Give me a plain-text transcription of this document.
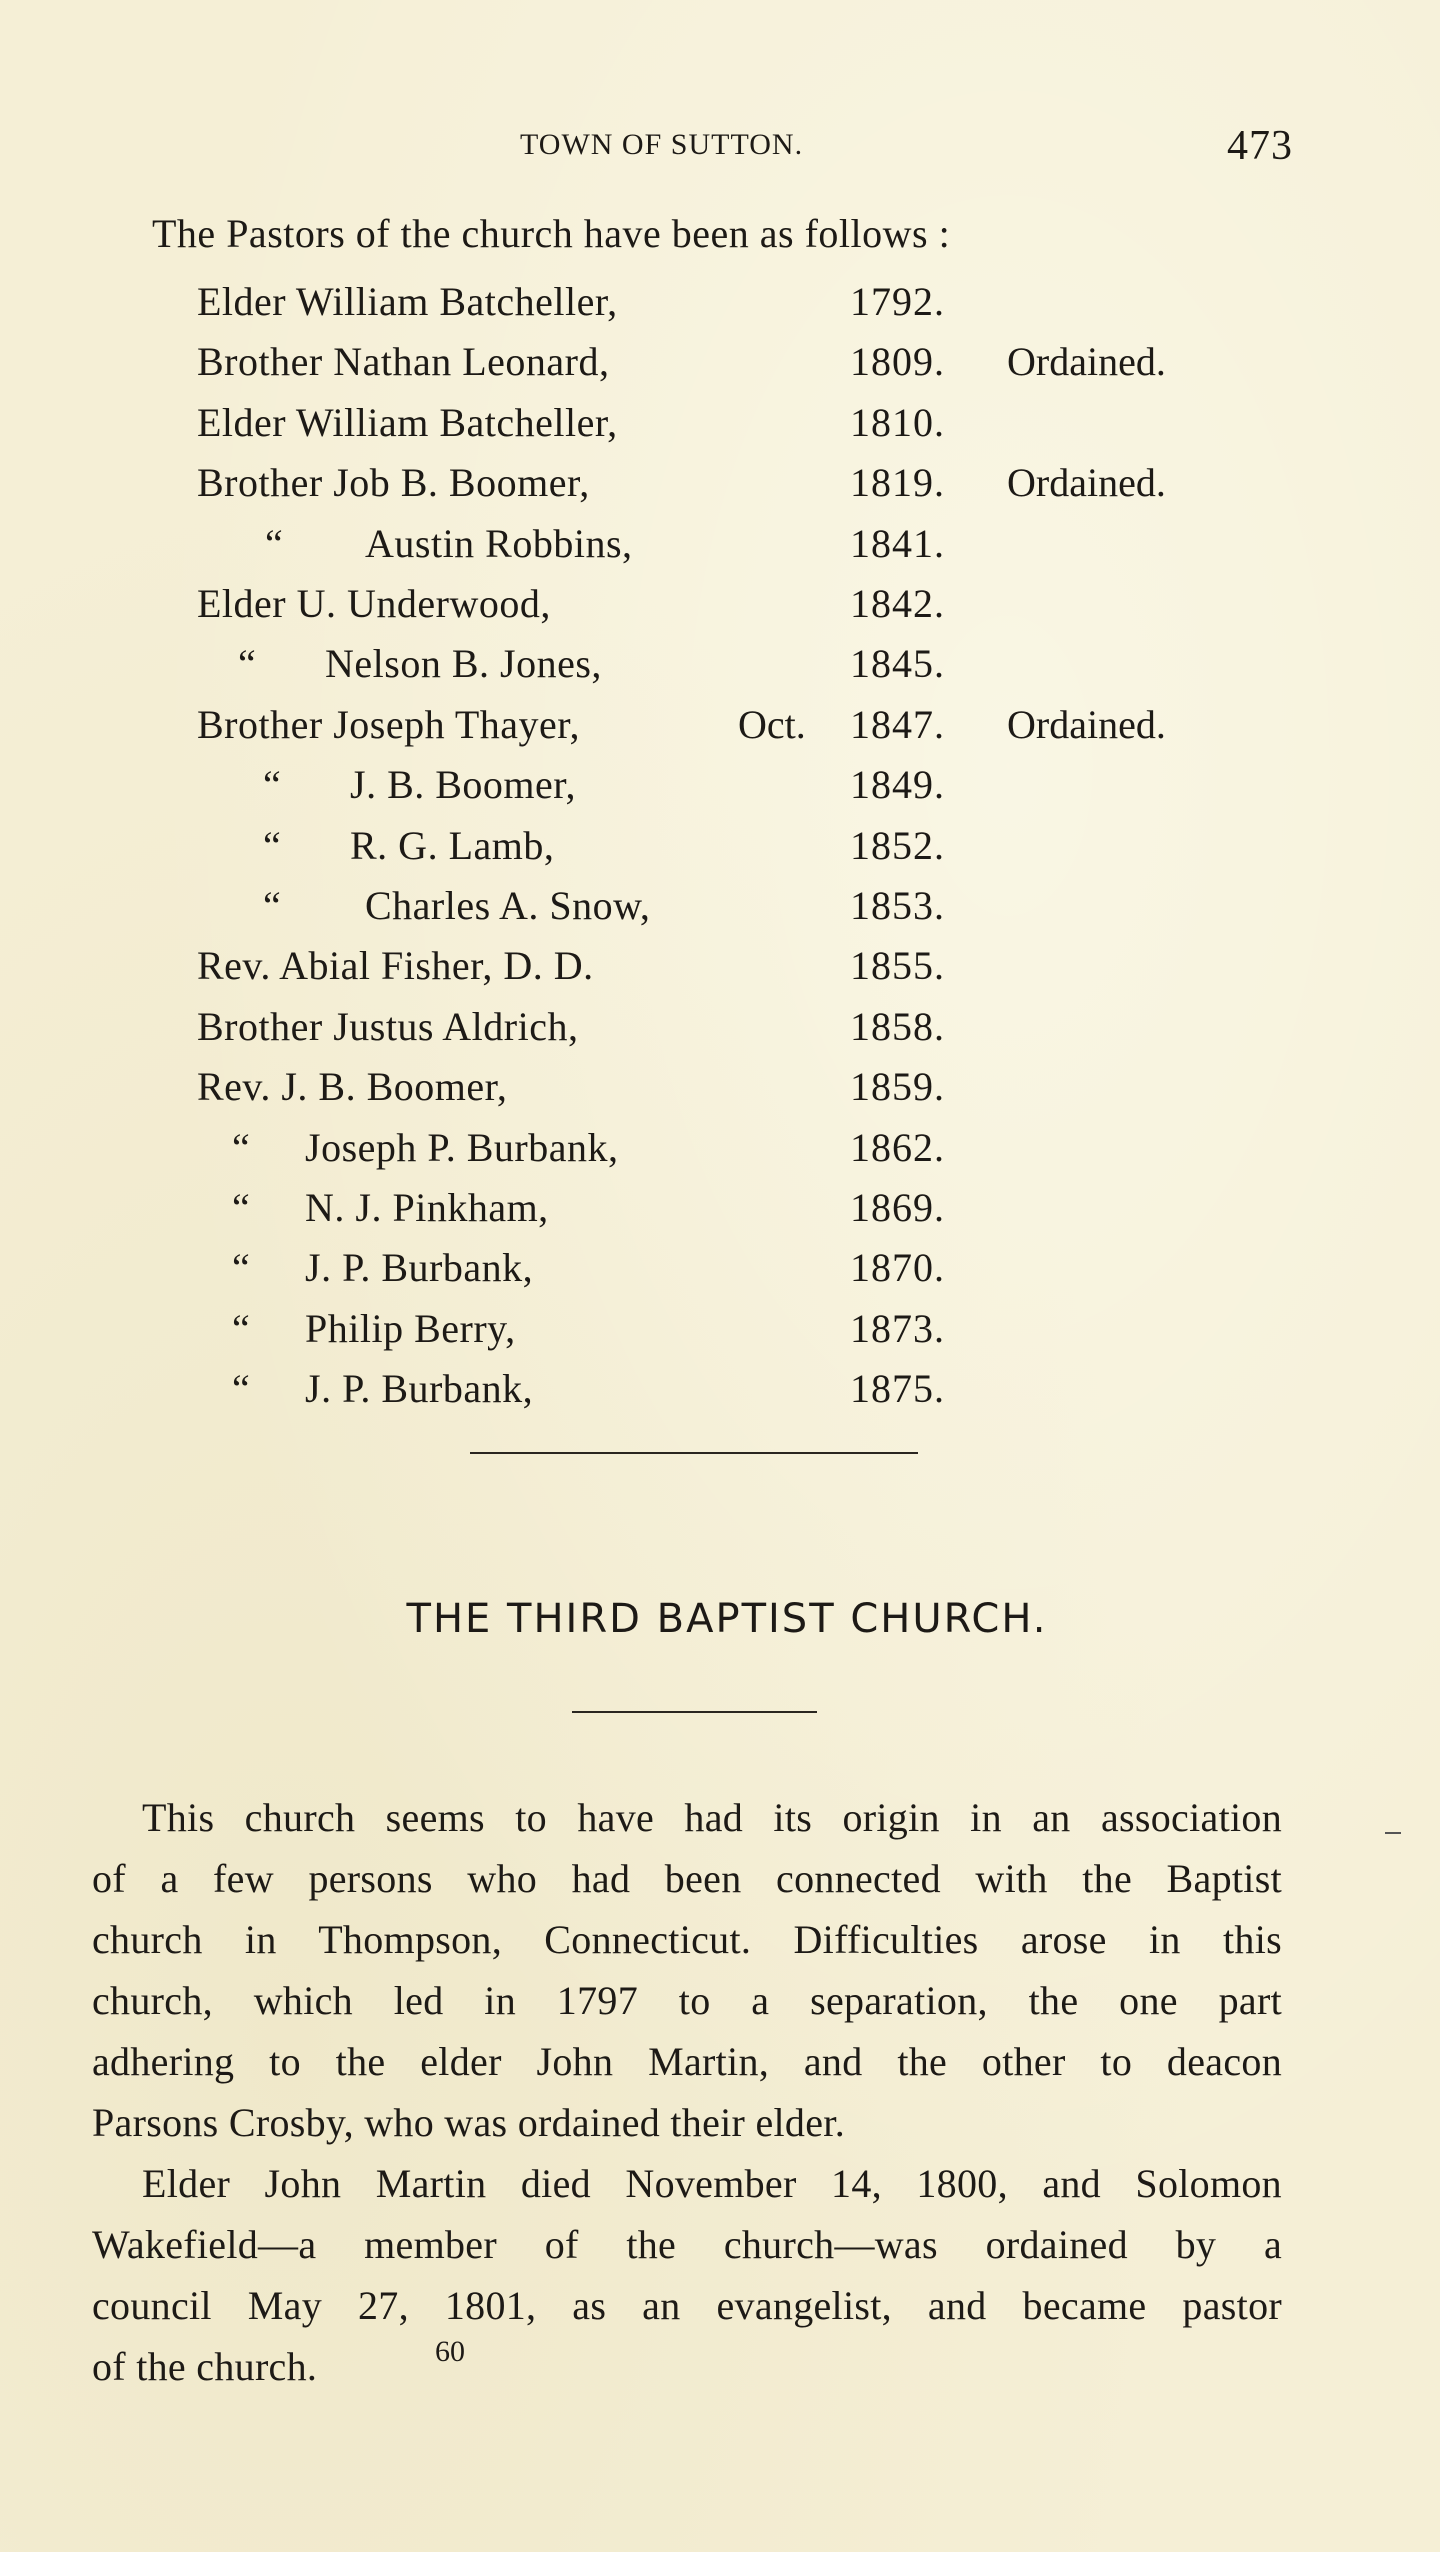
TOWN OF SUTTON.	473
The Pastors of the church have been as follows :
Elder William Batcheller,	1792.
Brother Nathan Leonard,	1809. Ordained.
Elder William Batcheller,	1810.
Brother Job B. Boomer,	1819. Ordained.
“ Austin Robbins,	1841.
Elder U. Underwood,	1842.
“ Nelson B. Jones,	1845.
Brother Joseph Thayer,	Oct. 1847. Ordained.
“ J. B. Boomer,	1849.
“ R. G. Lamb,	1852.
“ Charles A. Snow,	1853.
Rev. Abial Fisher, D. D.	1855.
Brother Justus Aldrich,	1858.
Rev. J. B. Boomer,	1859.
“ Joseph P. Burbank,	1862.
“ N. J. Pinkham,	1869.
“ J. P. Burbank,	1870.
“ Philip Berry,	1873.
“ J. P. Burbank,	1875.
THE THIRD BAPTIST CHURCH.
This church seems to have had its origin in an association
of a few persons who had been connected with the Baptist
church in Thompson, Connecticut. Difficulties arose in this
church, which led in 1797 to a separation, the one part
adhering to the elder John Martin, and the other to deacon
Parsons Crosby, who was ordained their elder.
Elder John Martin died November 14, 1800, and Solomon
Wakefield—a member of the church—was ordained by a
council May 27, 1801, as an evangelist, and became pastor
of the church.	60
